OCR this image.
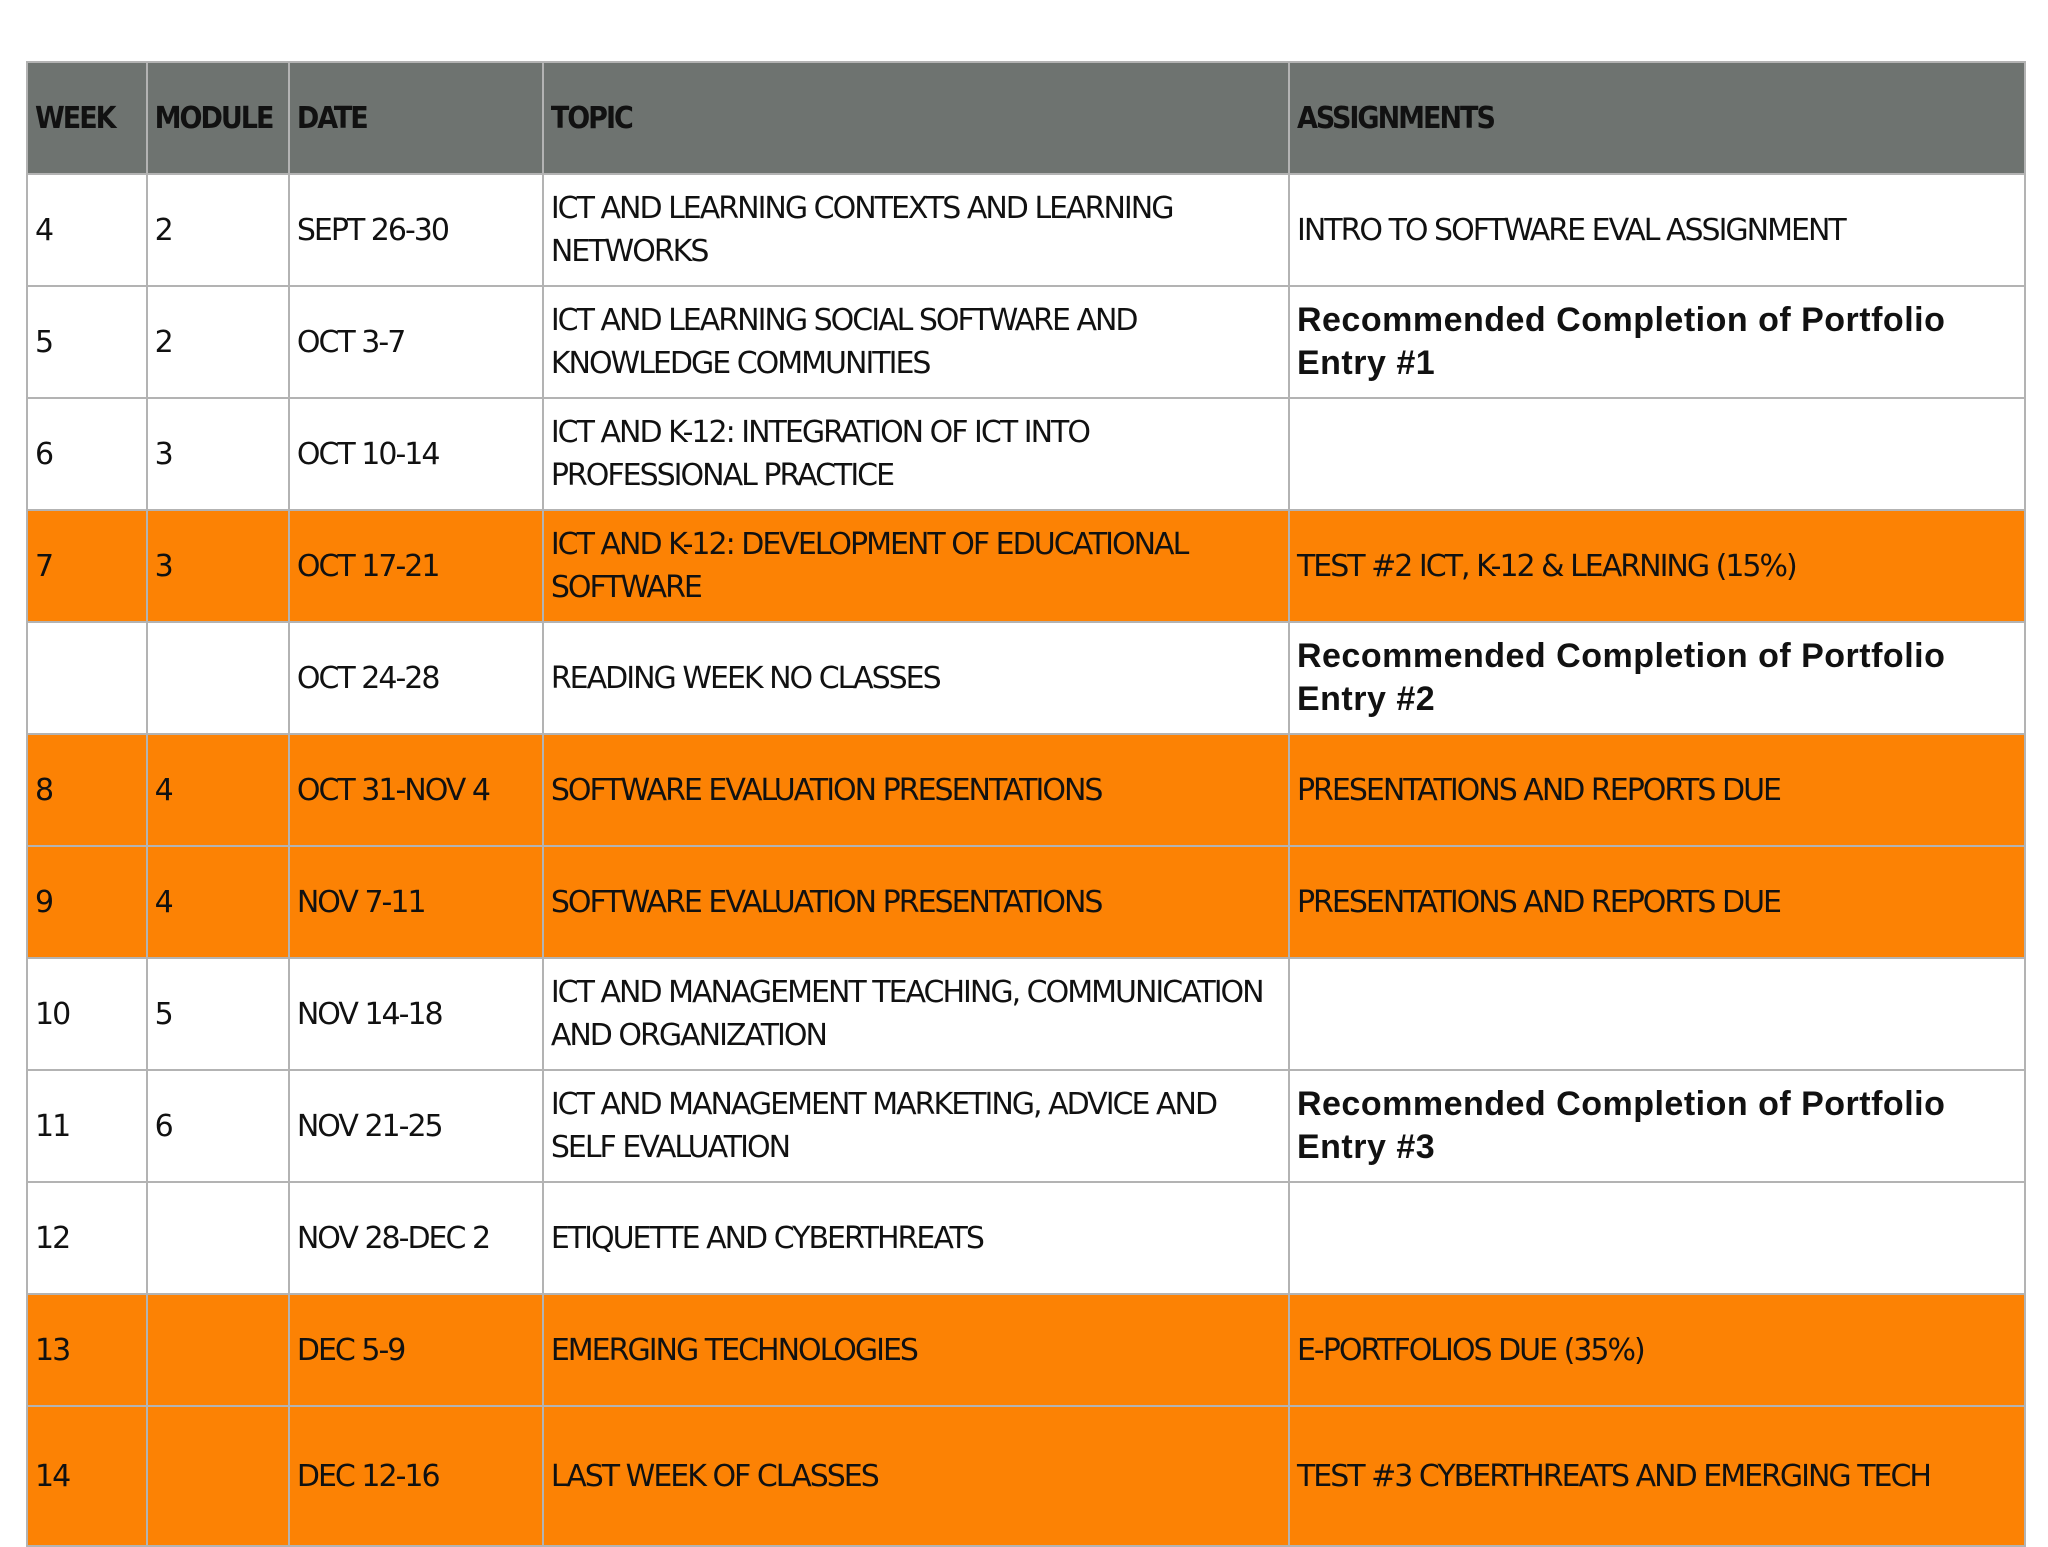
WEEK	MODULE	DATE	TOPIC	ASSIGNMENTS
4	2	SEPT 26-30	ICT AND LEARNING CONTEXTS AND LEARNING NETWORKS	INTRO TO SOFTWARE EVAL ASSIGNMENT
5	2	OCT 3-7	ICT AND LEARNING SOCIAL SOFTWARE AND KNOWLEDGE COMMUNITIES	Recommended Completion of Portfolio Entry #1
6	3	OCT 10-14	ICT AND K-12: INTEGRATION OF ICT INTO PROFESSIONAL PRACTICE	
7	3	OCT 17-21	ICT AND K-12: DEVELOPMENT OF EDUCATIONAL SOFTWARE	TEST #2 ICT, K-12 & LEARNING (15%)
		OCT 24-28	READING WEEK NO CLASSES	Recommended Completion of Portfolio Entry #2
8	4	OCT 31-NOV 4	SOFTWARE EVALUATION PRESENTATIONS	PRESENTATIONS AND REPORTS DUE
9	4	NOV 7-11	SOFTWARE EVALUATION PRESENTATIONS	PRESENTATIONS AND REPORTS DUE
10	5	NOV 14-18	ICT AND MANAGEMENT TEACHING, COMMUNICATION AND ORGANIZATION	
11	6	NOV 21-25	ICT AND MANAGEMENT MARKETING, ADVICE AND SELF EVALUATION	Recommended Completion of Portfolio Entry #3
12		NOV 28-DEC 2	ETIQUETTE AND CYBERTHREATS	
13		DEC 5-9	EMERGING TECHNOLOGIES	E-PORTFOLIOS DUE (35%)
14		DEC 12-16	LAST WEEK OF CLASSES	TEST #3 CYBERTHREATS AND EMERGING TECH
